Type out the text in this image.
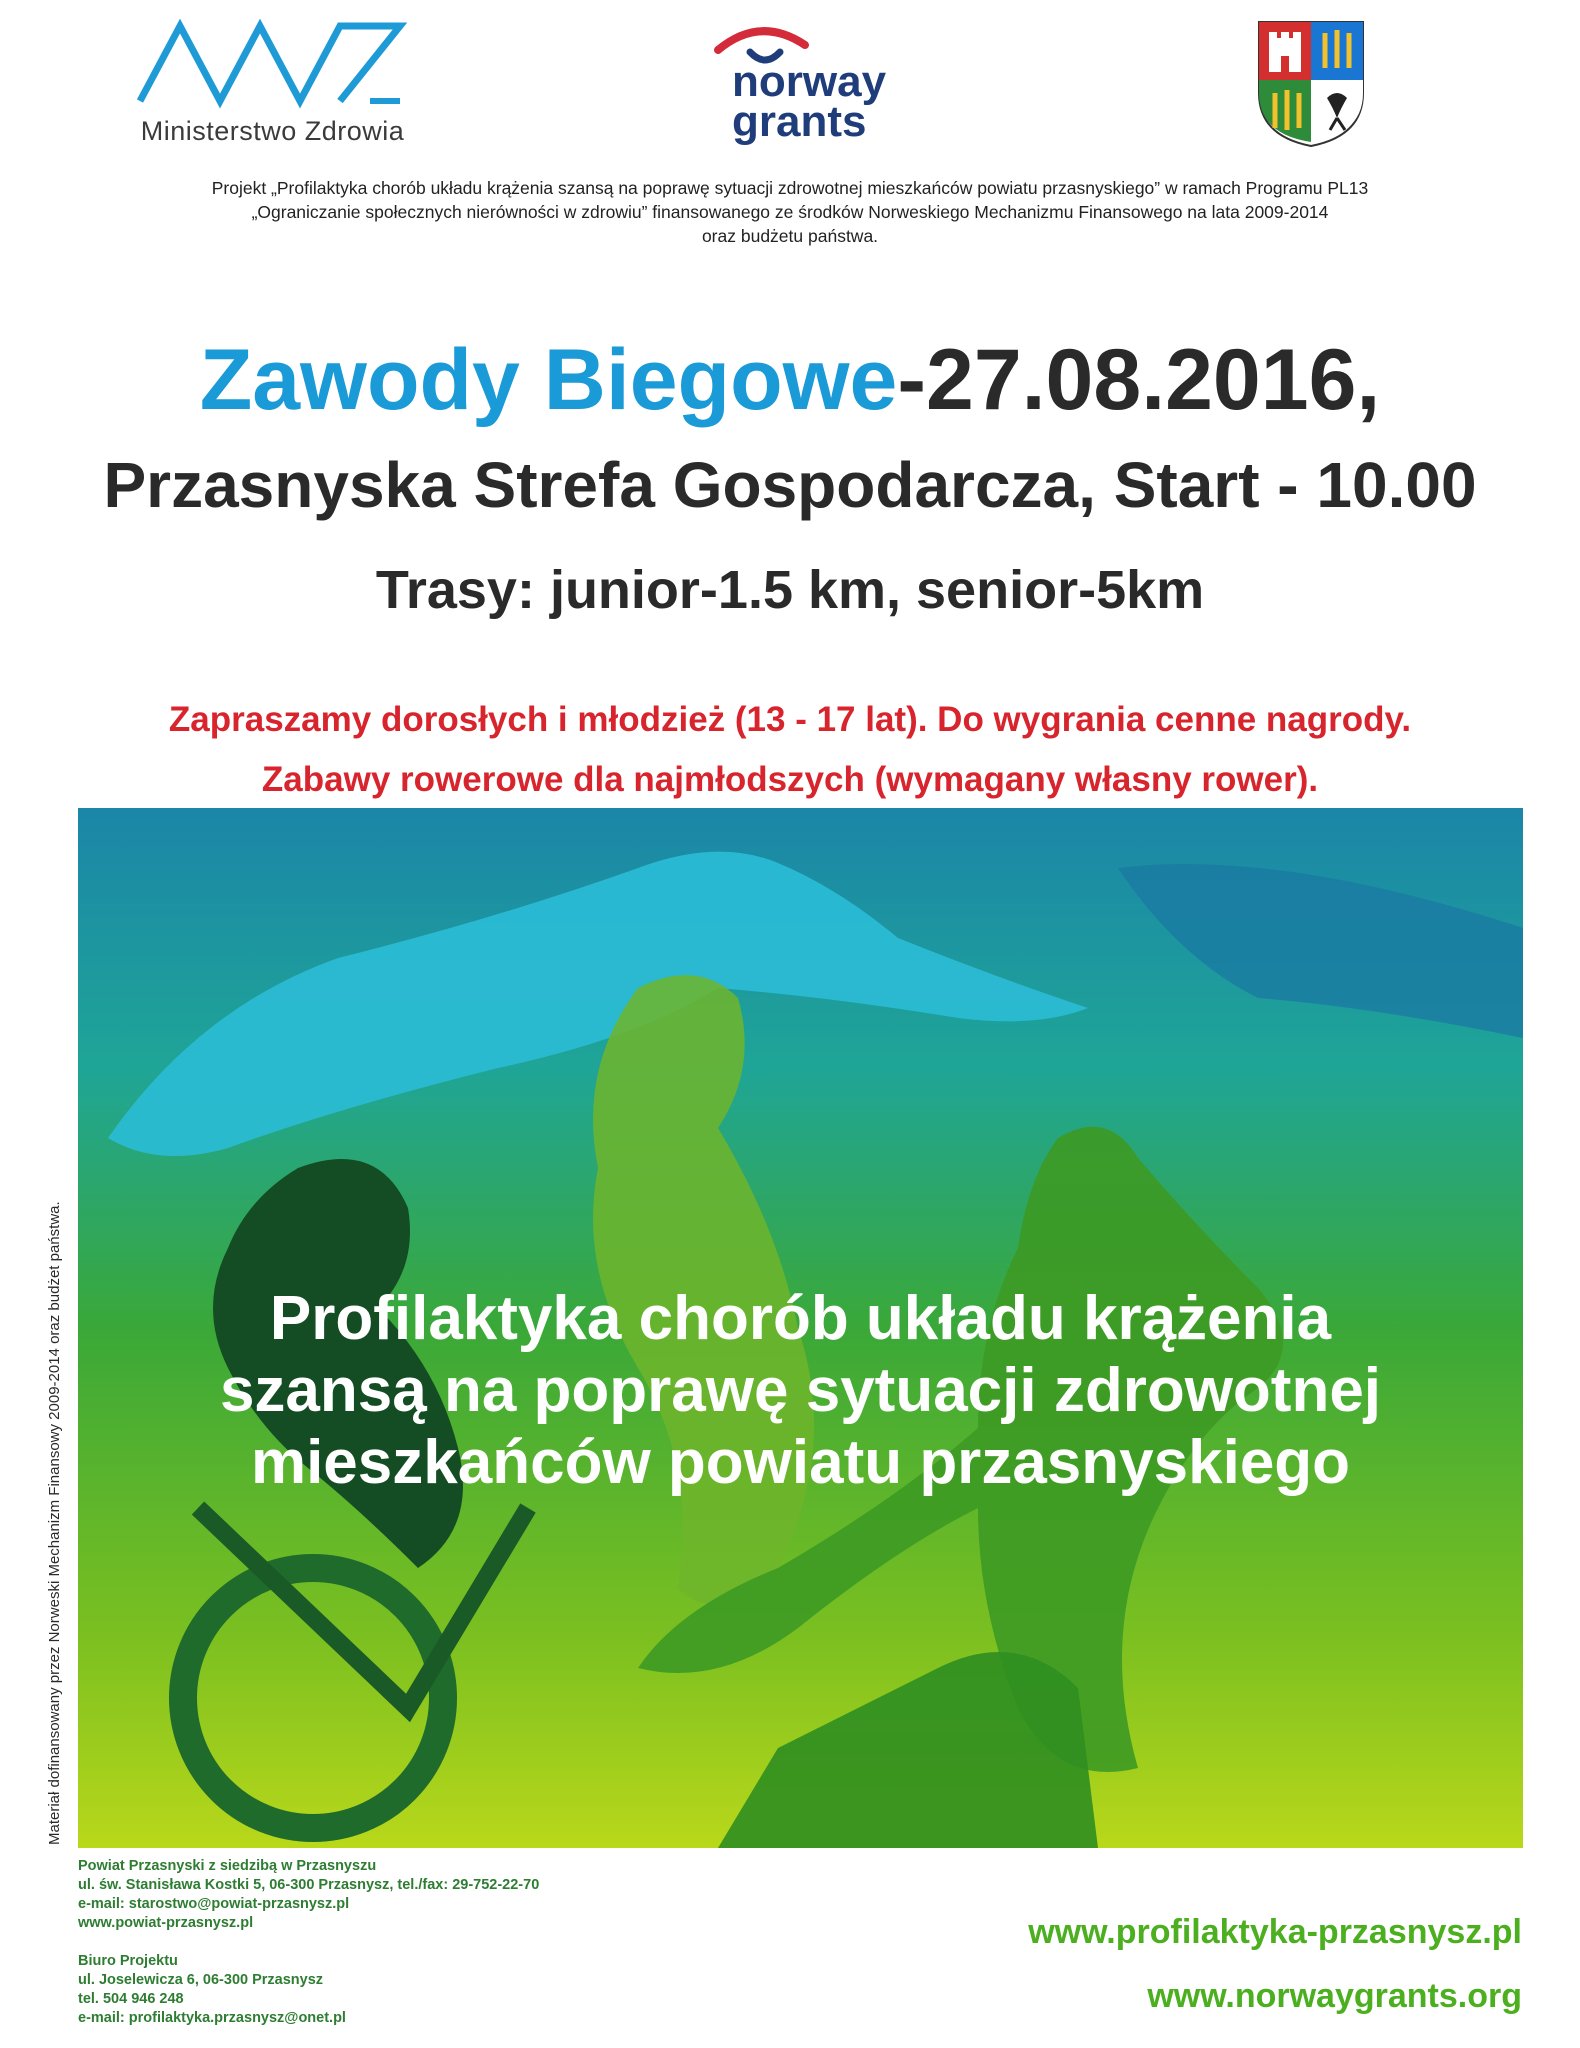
Ministerstwo Zdrowia
norway
grants

Projekt „Profilaktyka chorób układu krążenia szansą na poprawę sytuacji zdrowotnej mieszkańców powiatu przasnyskiego” w ramach Programu PL13

„Ograniczanie społecznych nierówności w zdrowiu” finansowanego ze środków Norweskiego Mechanizmu Finansowego na lata 2009-2014

oraz budżetu państwa.

Zawody Biegowe-27.08.2016,
Przasnyska Strefa Gospodarcza, Start - 10.00
Trasy: junior-1.5 km, senior-5km

Zapraszamy dorosłych i młodzież (13 - 17 lat). Do wygrania cenne nagrody.

Zabawy rowerowe dla najmłodszych (wymagany własny rower).

Profilaktyka chorób układu krążenia

szansą na poprawę sytuacji zdrowotnej

mieszkańców powiatu przasnyskiego

Materiał dofinansowany przez Norweski Mechanizm Finansowy 2009-2014 oraz budżet państwa.
Powiat Przasnyski z siedzibą w Przasnyszu
ul. św. Stanisława Kostki 5, 06-300 Przasnysz, tel./fax: 29-752-22-70
e-mail: starostwo@powiat-przasnysz.pl
www.powiat-przasnysz.pl
Biuro Projektu
ul. Joselewicza 6, 06-300 Przasnysz
tel. 504 946 248
e-mail: profilaktyka.przasnysz@onet.pl

www.profilaktyka-przasnysz.pl

www.norwaygrants.org
